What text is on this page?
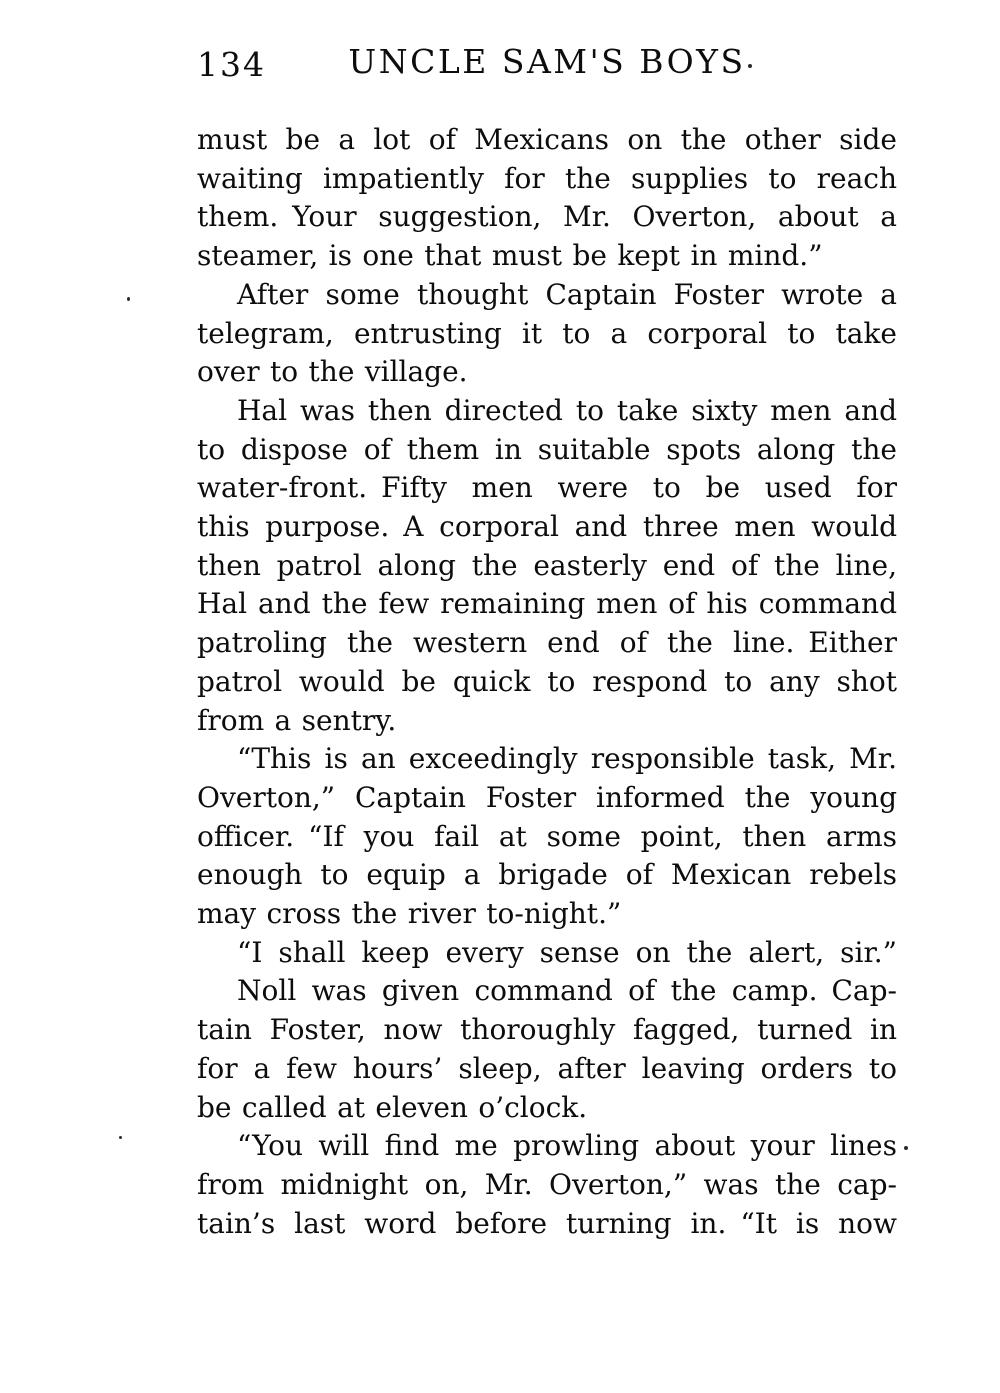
134	UNCLE SAM'S BOYS
must be a lot of Mexicans on the other side
waiting impatiently for the supplies to reach
them. Your suggestion, Mr. Overton, about a
steamer, is one that must be kept in mind.”
After some thought Captain Foster wrote a
telegram, entrusting it to a corporal to take
over to the village.
Hal was then directed to take sixty men and
to dispose of them in suitable spots along the
water-front. Fifty men were to be used for
this purpose. A corporal and three men would
then patrol along the easterly end of the line,
Hal and the few remaining men of his command
patroling the western end of the line. Either
patrol would be quick to respond to any shot
from a sentry.
“This is an exceedingly responsible task, Mr.
Overton,” Captain Foster informed the young
officer. “If you fail at some point, then arms
enough to equip a brigade of Mexican rebels
may cross the river to-night.”
“I shall keep every sense on the alert, sir.”
Noll was given command of the camp. Cap-
tain Foster, now thoroughly fagged, turned in
for a few hours’ sleep, after leaving orders to
be called at eleven o’clock.
“You will find me prowling about your lines
from midnight on, Mr. Overton,” was the cap-
tain’s last word before turning in. “It is now
